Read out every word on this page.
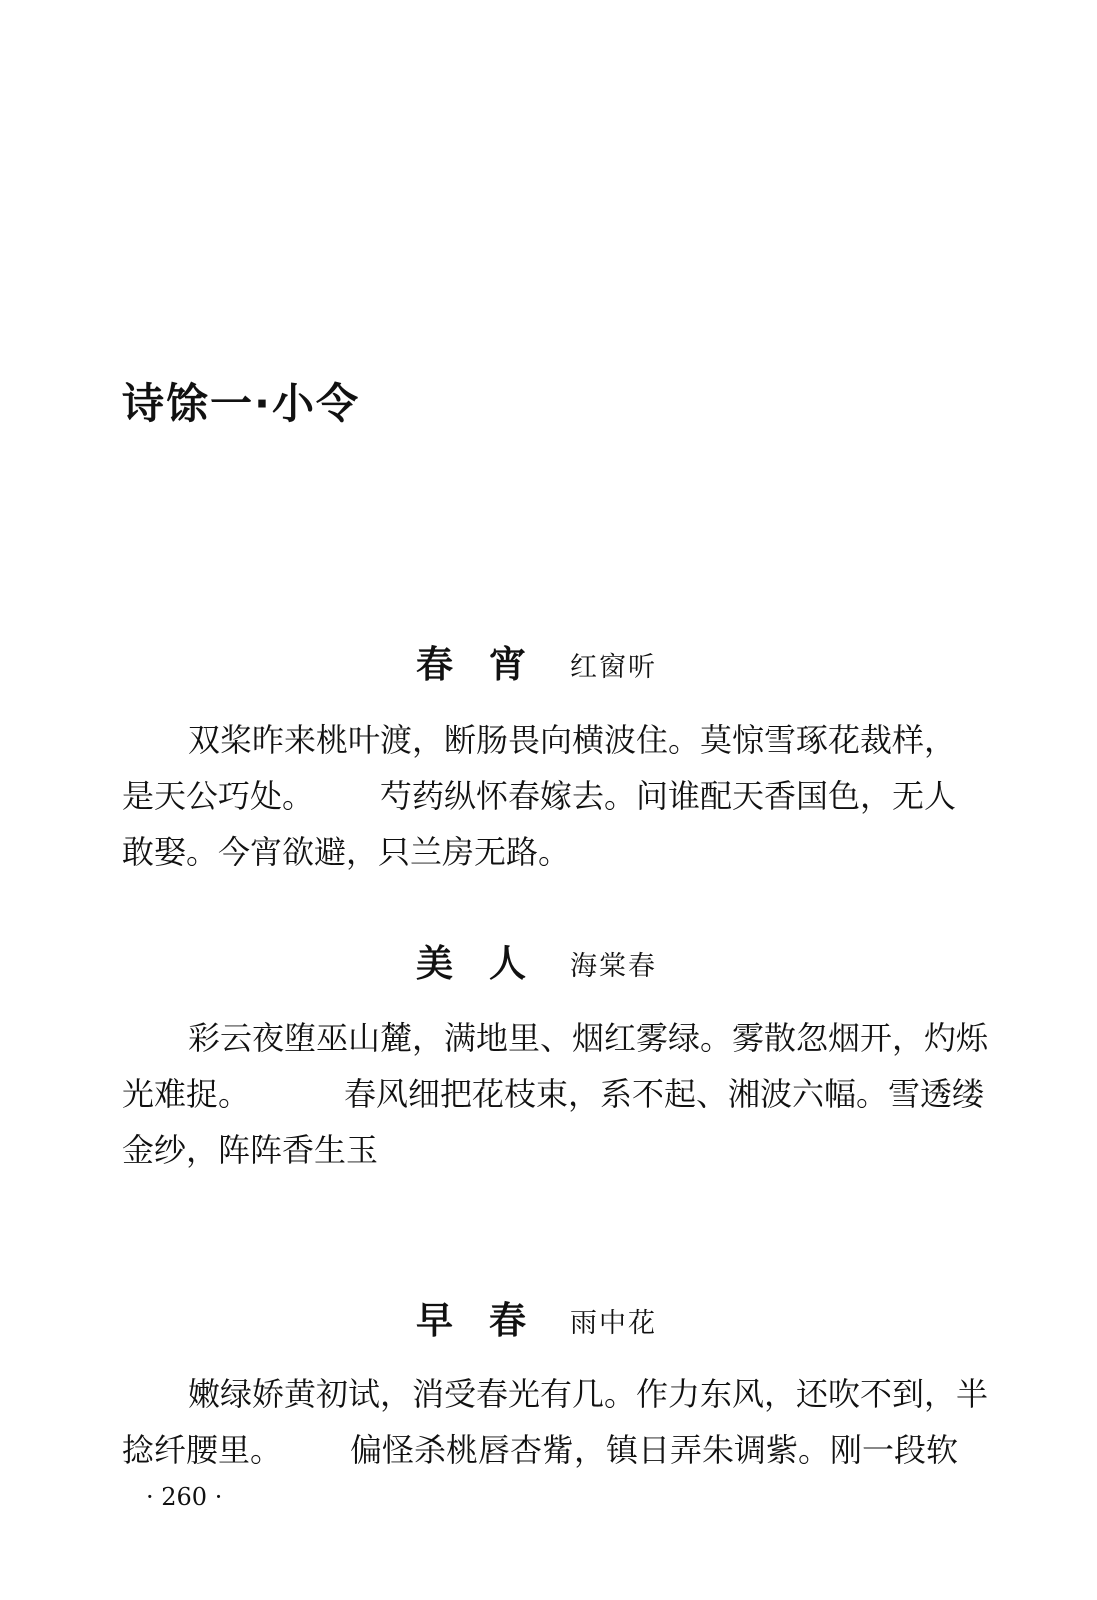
诗馀一·小令
春宵 红窗听
双桨昨来桃叶渡，断肠畏向横波住。莫惊雪琢花裁样，
是天公巧处。 芍药纵怀春嫁去。问谁配天香国色，无人
敢娶。今宵欲避，只兰房无路。
美人 海棠春
彩云夜堕巫山麓，满地里、烟红雾绿。雾散忽烟开，灼烁
光难捉。	春风细把花枝束，系不起、湘波六幅。雪透缕
金纱，阵阵香生玉
早春 雨中花
嫩绿娇黄初试，消受春光有几。作力东风，还吹不到，半
捻纤腰里。 偏怪杀桃唇杏觜，镇日弄朱调紫。刚一段软
· 260 ·
